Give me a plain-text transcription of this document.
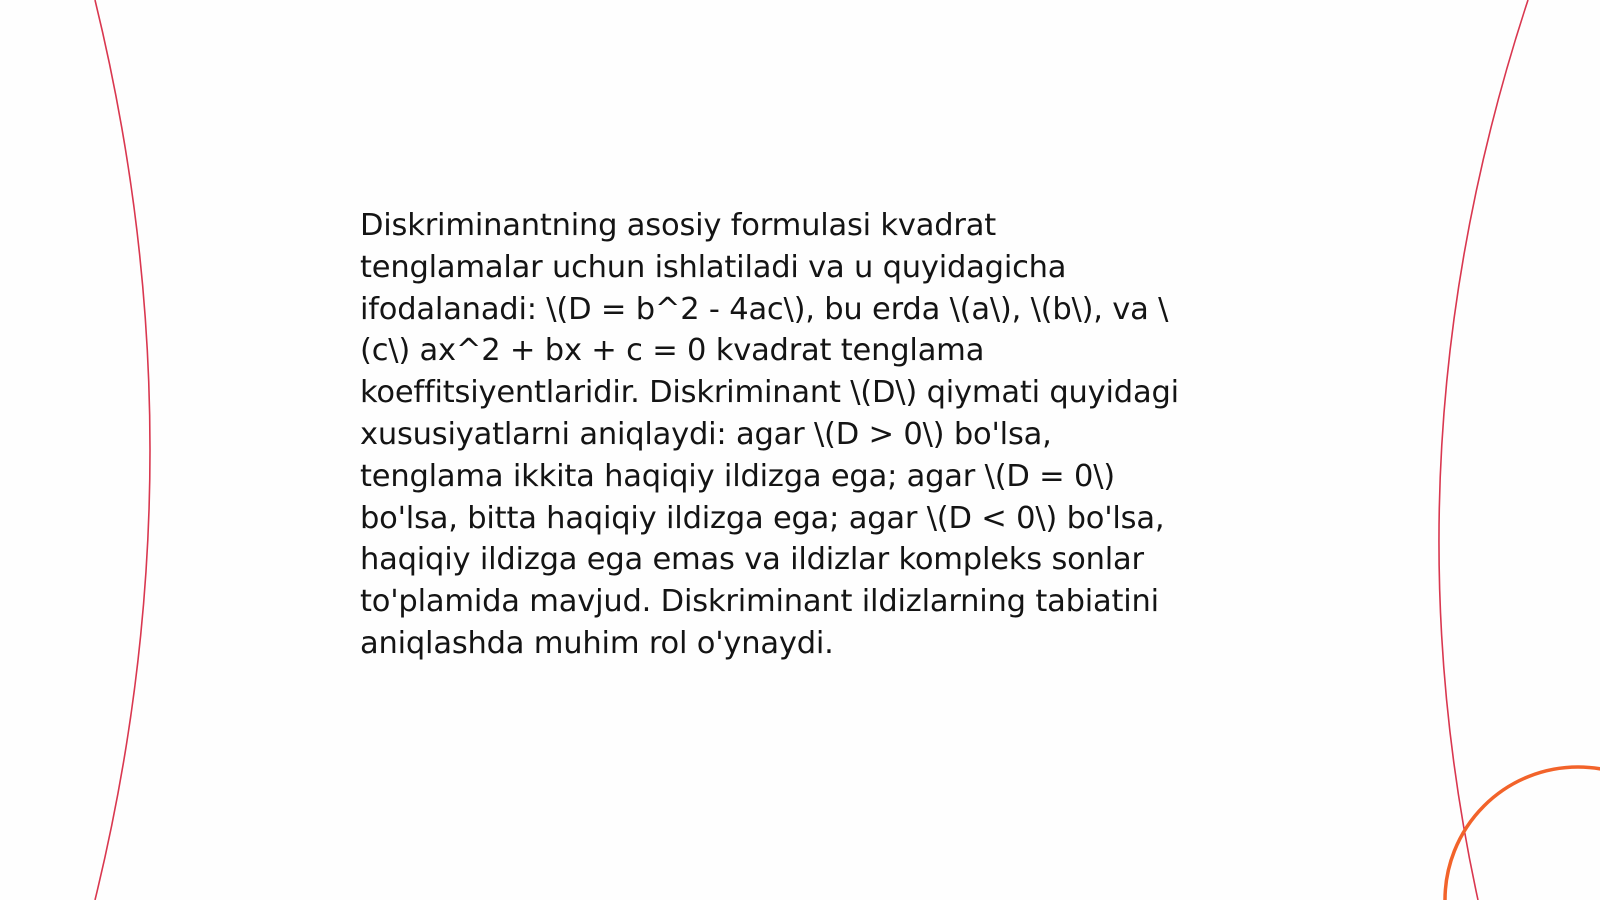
Diskriminantning asosiy formulasi kvadrat
tenglamalar uchun ishlatiladi va u quyidagicha
ifodalanadi: \(D = b^2 - 4ac\), bu erda \(a\), \(b\), va \
(c\) ax^2 + bx + c = 0 kvadrat tenglama
koeffitsiyentlaridir. Diskriminant \(D\) qiymati quyidagi
xususiyatlarni aniqlaydi: agar \(D > 0\) bo'lsa,
tenglama ikkita haqiqiy ildizga ega; agar \(D = 0\)
bo'lsa, bitta haqiqiy ildizga ega; agar \(D < 0\) bo'lsa,
haqiqiy ildizga ega emas va ildizlar kompleks sonlar
to'plamida mavjud. Diskriminant ildizlarning tabiatini
aniqlashda muhim rol o'ynaydi.
